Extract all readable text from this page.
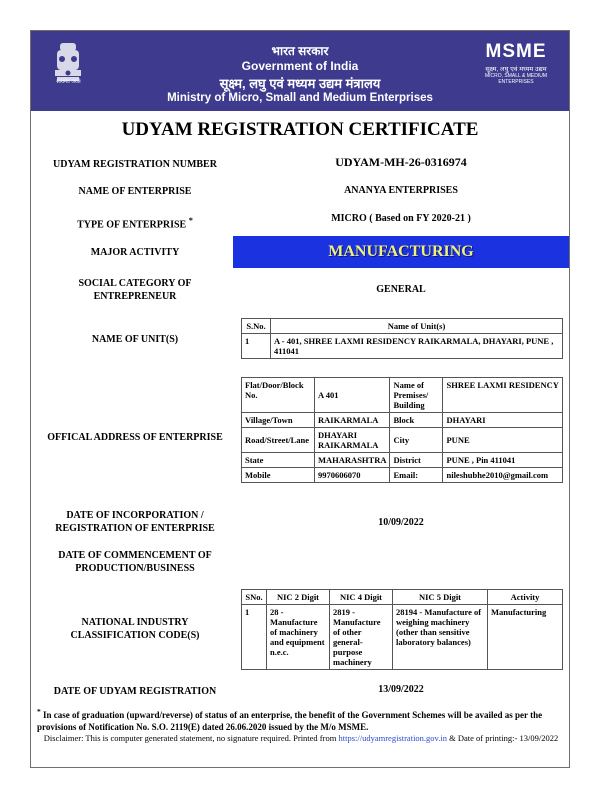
सत्यमेव जयते
भारत सरकार
Government of India
सूक्ष्म, लघु एवं मध्यम उद्यम मंत्रालय
Ministry of Micro, Small and Medium Enterprises
MSME
सूक्ष्म, लघु एवं मध्यम उद्यम
MICRO, SMALL & MEDIUM ENTERPRISES
UDYAM REGISTRATION CERTIFICATE
UDYAM REGISTRATION NUMBER	UDYAM-MH-26-0316974
NAME OF ENTERPRISE	ANANYA ENTERPRISES
TYPE OF ENTERPRISE *	MICRO ( Based on FY 2020-21 )
MAJOR ACTIVITY	MANUFACTURING
SOCIAL CATEGORY OF
ENTREPRENEUR
GENERAL
NAME OF UNIT(S)
S.No.	Name of Unit(s)
1	A - 401, SHREE LAXMI RESIDENCY RAIKARMALA, DHAYARI, PUNE , 411041
OFFICAL ADDRESS OF ENTERPRISE
Flat/Door/Block No.	A 401	Name of Premises/ Building	SHREE LAXMI RESIDENCY
Village/Town	RAIKARMALA	Block	DHAYARI
Road/Street/Lane	DHAYARI RAIKARMALA	City	PUNE
State	MAHARASHTRA	District	PUNE , Pin 411041
Mobile	9970606070	Email:	nileshubhe2010@gmail.com
DATE OF INCORPORATION /
REGISTRATION OF ENTERPRISE
10/09/2022
DATE OF COMMENCEMENT OF
PRODUCTION/BUSINESS
NATIONAL INDUSTRY
CLASSIFICATION CODE(S)
SNo.	NIC 2 Digit	NIC 4 Digit	NIC 5 Digit	Activity
1	28 - Manufacture of machinery and equipment n.e.c.	2819 - Manufacture of other general-purpose machinery	28194 - Manufacture of weighing machinery (other than sensitive laboratory balances)	Manufacturing
DATE OF UDYAM REGISTRATION	13/09/2022
* In case of graduation (upward/reverse) of status of an enterprise, the benefit of the Government Schemes will be availed as per the provisions of Notification No. S.O. 2119(E) dated 26.06.2020 issued by the M/o MSME.
Disclaimer: This is computer generated statement, no signature required. Printed from https://udyamregistration.gov.in & Date of printing:- 13/09/2022
